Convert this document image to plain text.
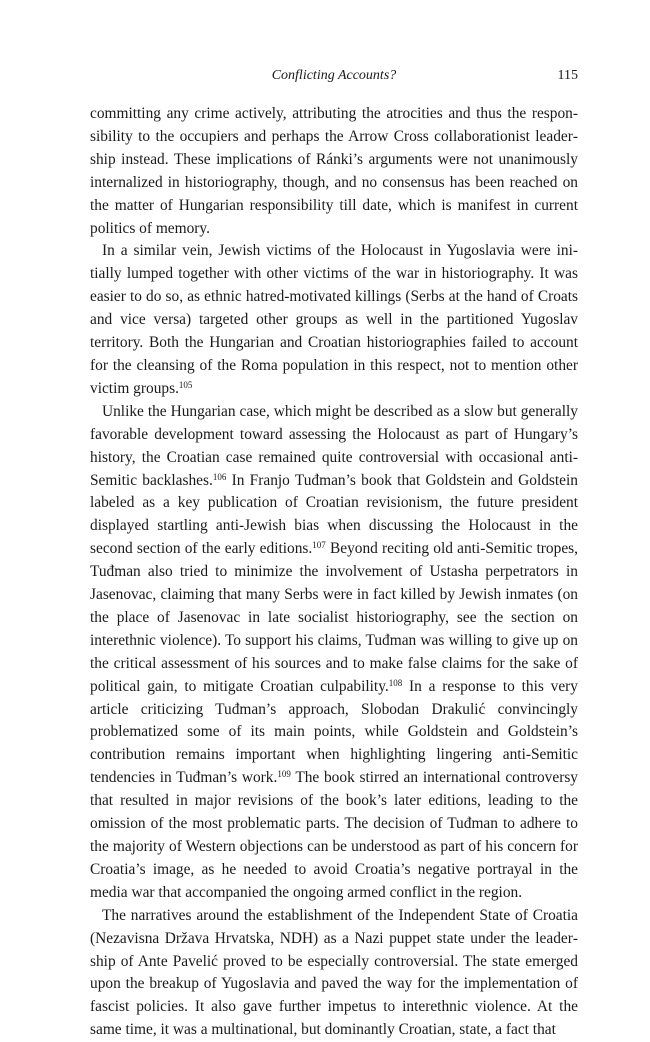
Conflicting Accounts?	115

committing any crime actively, attributing the atrocities and thus the responsibility to the occupiers and perhaps the Arrow Cross collaborationist leadership instead. These implications of Ránki’s arguments were not unanimously internalized in historiography, though, and no consensus has been reached on the matter of Hungarian responsibility till date, which is manifest in current politics of memory.

In a similar vein, Jewish victims of the Holocaust in Yugoslavia were initially lumped together with other victims of the war in historiography. It was easier to do so, as ethnic hatred-motivated killings (Serbs at the hand of Croats and vice versa) targeted other groups as well in the partitioned Yugoslav territory. Both the Hungarian and Croatian historiographies failed to account for the cleansing of the Roma population in this respect, not to mention other victim groups.$^{105}$

Unlike the Hungarian case, which might be described as a slow but generally favorable development toward assessing the Holocaust as part of Hungary’s history, the Croatian case remained quite controversial with occasional anti-Semitic backlashes.$^{106}$ In Franjo Tuđman’s book that Goldstein and Goldstein labeled as a key publication of Croatian revisionism, the future president displayed startling anti-Jewish bias when discussing the Holocaust in the second section of the early editions.$^{107}$ Beyond reciting old anti-Semitic tropes, Tuđman also tried to minimize the involvement of Ustasha perpetrators in Jasenovac, claiming that many Serbs were in fact killed by Jewish inmates (on the place of Jasenovac in late socialist historiography, see the section on interethnic violence). To support his claims, Tuđman was willing to give up on the critical assessment of his sources and to make false claims for the sake of political gain, to mitigate Croatian culpability.$^{108}$ In a response to this very article criticizing Tuđman’s approach, Slobodan Drakulić convincingly problematized some of its main points, while Goldstein and Goldstein’s contribution remains important when highlighting lingering anti-Semitic tendencies in Tuđman’s work.$^{109}$ The book stirred an international controversy that resulted in major revisions of the book’s later editions, leading to the omission of the most problematic parts. The decision of Tuđman to adhere to the majority of Western objections can be understood as part of his concern for Croatia’s image, as he needed to avoid Croatia’s negative portrayal in the media war that accompanied the ongoing armed conflict in the region.

The narratives around the establishment of the Independent State of Croatia (Nezavisna Država Hrvatska, NDH) as a Nazi puppet state under the leadership of Ante Pavelić proved to be especially controversial. The state emerged upon the breakup of Yugoslavia and paved the way for the implementation of fascist policies. It also gave further impetus to interethnic violence. At the same time, it was a multinational, but dominantly Croatian, state, a fact that
